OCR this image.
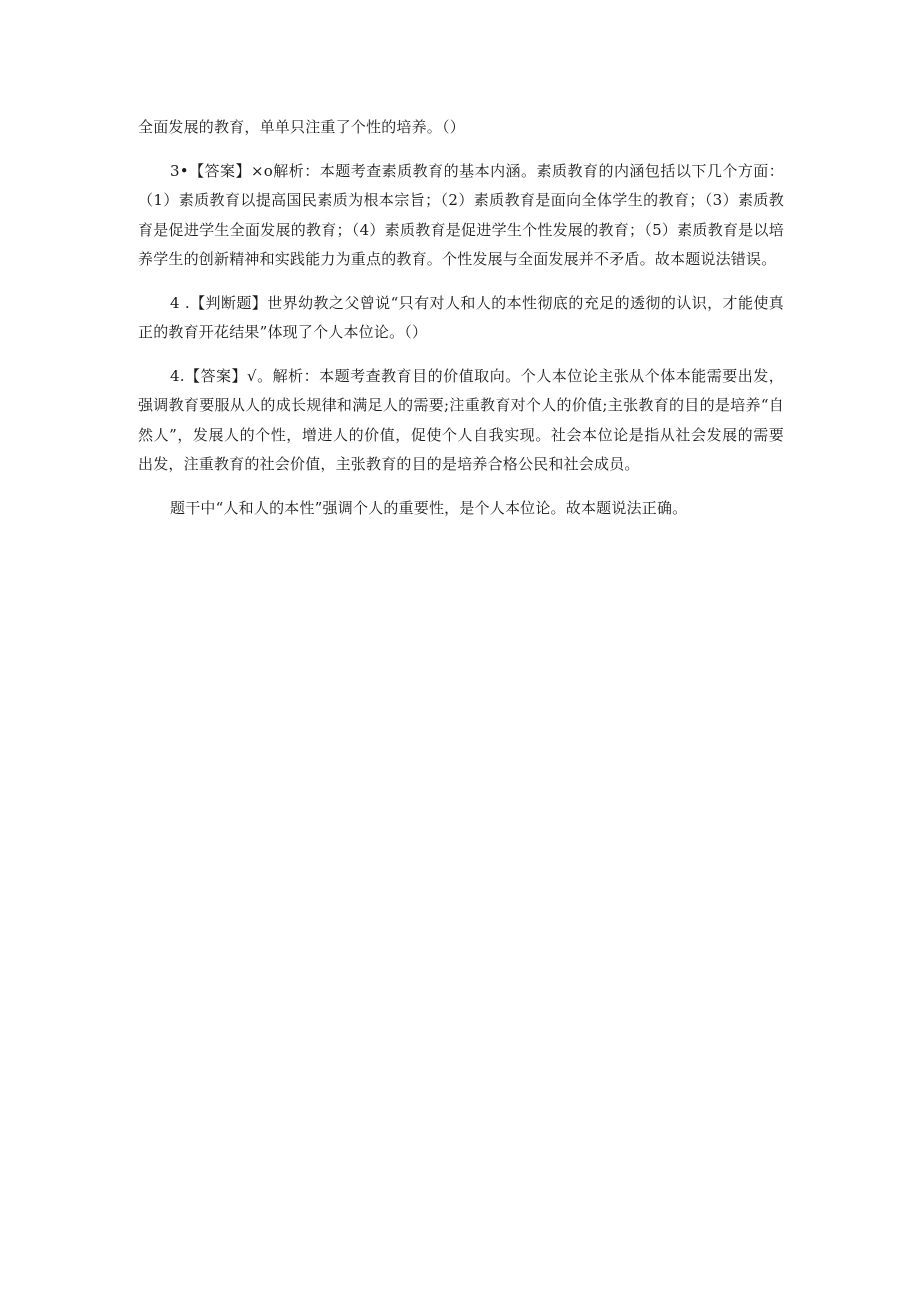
全面发展的教育，单单只注重了个性的培养。（）

3•【答案】×o解析：本题考查素质教育的基本内涵。素质教育的内涵包括以下几个方面：（1）素质教育以提高国民素质为根本宗旨；（2）素质教育是面向全体学生的教育；（3）素质教育是促进学生全面发展的教育；（4）素质教育是促进学生个性发展的教育；（5）素质教育是以培养学生的创新精神和实践能力为重点的教育。个性发展与全面发展并不矛盾。故本题说法错误。

4 .【判断题】世界幼教之父曾说“只有对人和人的本性彻底的充足的透彻的认识，才能使真正的教育开花结果”体现了个人本位论。（）

4.【答案】√。解析：本题考查教育目的价值取向。个人本位论主张从个体本能需要出发，强调教育要服从人的成长规律和满足人的需要;注重教育对个人的价值;主张教育的目的是培养“自然人”，发展人的个性，增进人的价值，促使个人自我实现。社会本位论是指从社会发展的需要出发，注重教育的社会价值，主张教育的目的是培养合格公民和社会成员。

题干中“人和人的本性”强调个人的重要性，是个人本位论。故本题说法正确。
